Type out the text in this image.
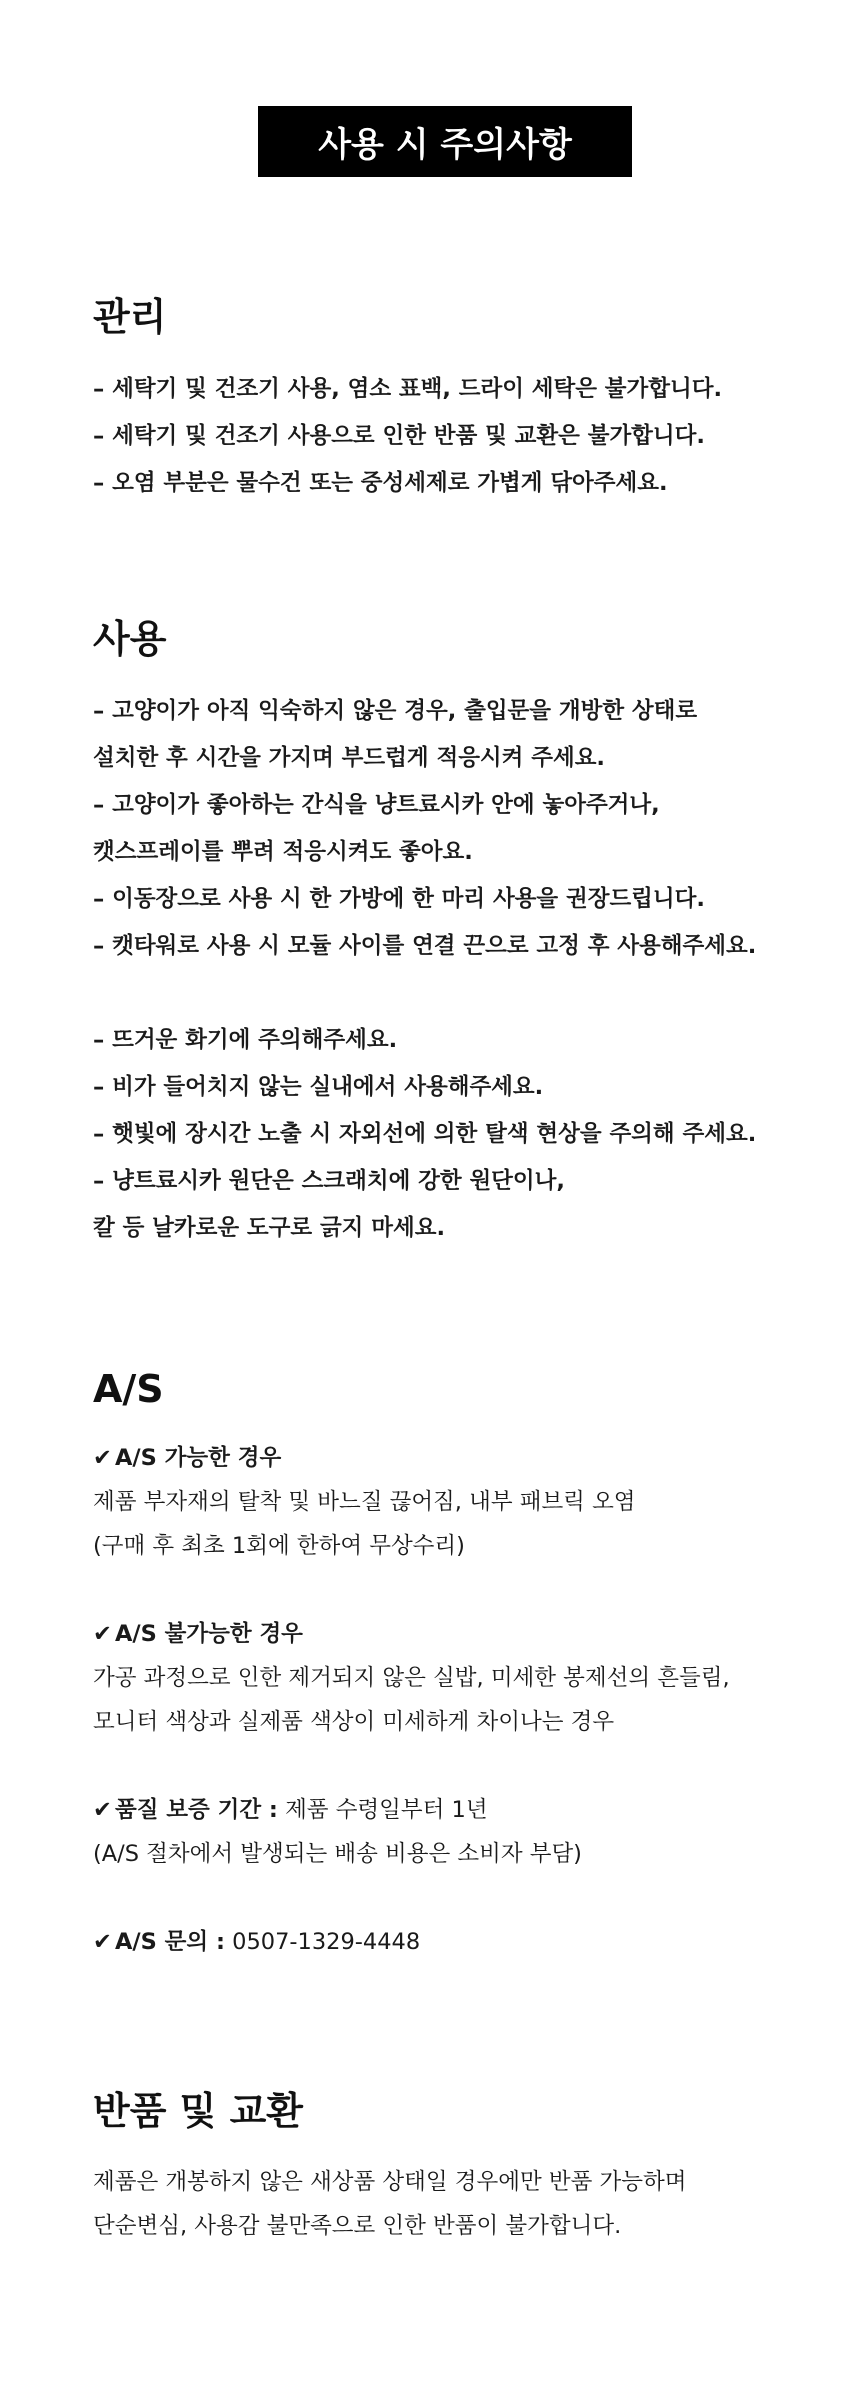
사용 시 주의사항
관리
– 세탁기 및 건조기 사용, 염소 표백, 드라이 세탁은 불가합니다.
– 세탁기 및 건조기 사용으로 인한 반품 및 교환은 불가합니다.
– 오염 부분은 물수건 또는 중성세제로 가볍게 닦아주세요.
사용
– 고양이가 아직 익숙하지 않은 경우, 출입문을 개방한 상태로
설치한 후 시간을 가지며 부드럽게 적응시켜 주세요.
– 고양이가 좋아하는 간식을 냥트료시카 안에 놓아주거나,
캣스프레이를 뿌려 적응시켜도 좋아요.
– 이동장으로 사용 시 한 가방에 한 마리 사용을 권장드립니다.
– 캣타워로 사용 시 모듈 사이를 연결 끈으로 고정 후 사용해주세요.
– 뜨거운 화기에 주의해주세요.
– 비가 들어치지 않는 실내에서 사용해주세요.
– 햇빛에 장시간 노출 시 자외선에 의한 탈색 현상을 주의해 주세요.
– 냥트료시카 원단은 스크래치에 강한 원단이나,
칼 등 날카로운 도구로 긁지 마세요.
A/S
✔ A/S 가능한 경우
제품 부자재의 탈착 및 바느질 끊어짐, 내부 패브릭 오염
(구매 후 최초 1회에 한하여 무상수리)
✔ A/S 불가능한 경우
가공 과정으로 인한 제거되지 않은 실밥, 미세한 봉제선의 흔들림,
모니터 색상과 실제품 색상이 미세하게 차이나는 경우
✔ 품질 보증 기간 : 제품 수령일부터 1년
(A/S 절차에서 발생되는 배송 비용은 소비자 부담)
✔ A/S 문의 : 0507-1329-4448
반품 및 교환
제품은 개봉하지 않은 새상품 상태일 경우에만 반품 가능하며
단순변심, 사용감 불만족으로 인한 반품이 불가합니다.
